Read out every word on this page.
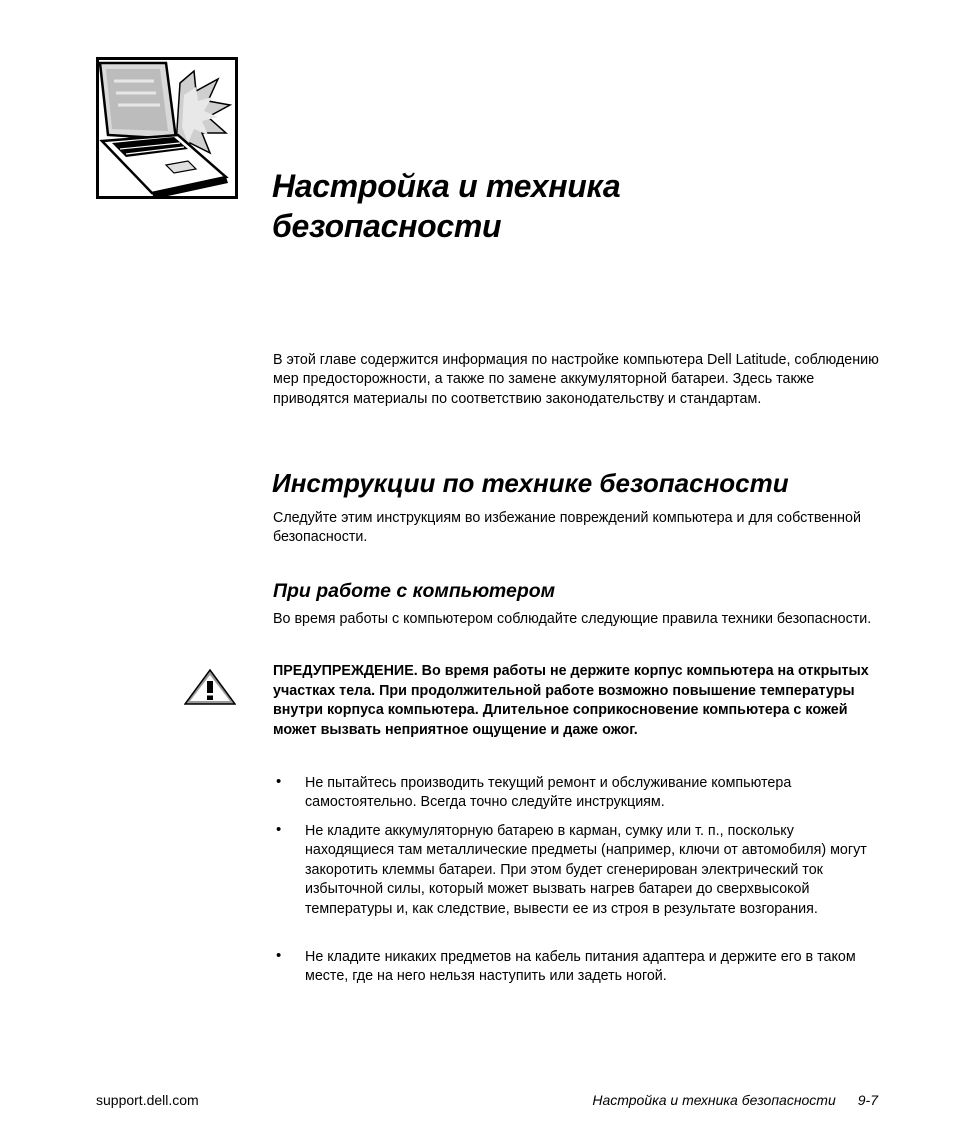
Настройка и техника
безопасности

В этой главе содержится информация по настройке компьютера Dell Latitude, соблюдению мер предосторожности, а также по замене аккумуляторной батареи. Здесь также приводятся материалы по соответствию законодательству и стандартам.

Инструкции по технике безопасности

Следуйте этим инструкциям во избежание повреждений компьютера и для собственной безопасности.

При работе с компьютером

Во время работы с компьютером соблюдайте следующие правила техники безопасности.

ПРЕДУПРЕЖДЕНИЕ. Во время работы не держите корпус компьютера на открытых участках тела. При продолжительной работе возможно повышение температуры внутри корпуса компьютера. Длительное соприкосновение компьютера с кожей может вызвать неприятное ощущение и даже ожог.

•	Не пытайтесь производить текущий ремонт и обслуживание компьютера самостоятельно. Всегда точно следуйте инструкциям.

•	Не кладите аккумуляторную батарею в карман, сумку или т. п., поскольку находящиеся там металлические предметы (например, ключи от автомобиля) могут закоротить клеммы батареи. При этом будет сгенерирован электрический ток избыточной силы, который может вызвать нагрев батареи до сверхвысокой температуры и, как следствие, вывести ее из строя в результате возгорания.

•	Не кладите никаких предметов на кабель питания адаптера и держите его в таком месте, где на него нельзя наступить или задеть ногой.

support.dell.com	Настройка и техника безопасности 9-7
